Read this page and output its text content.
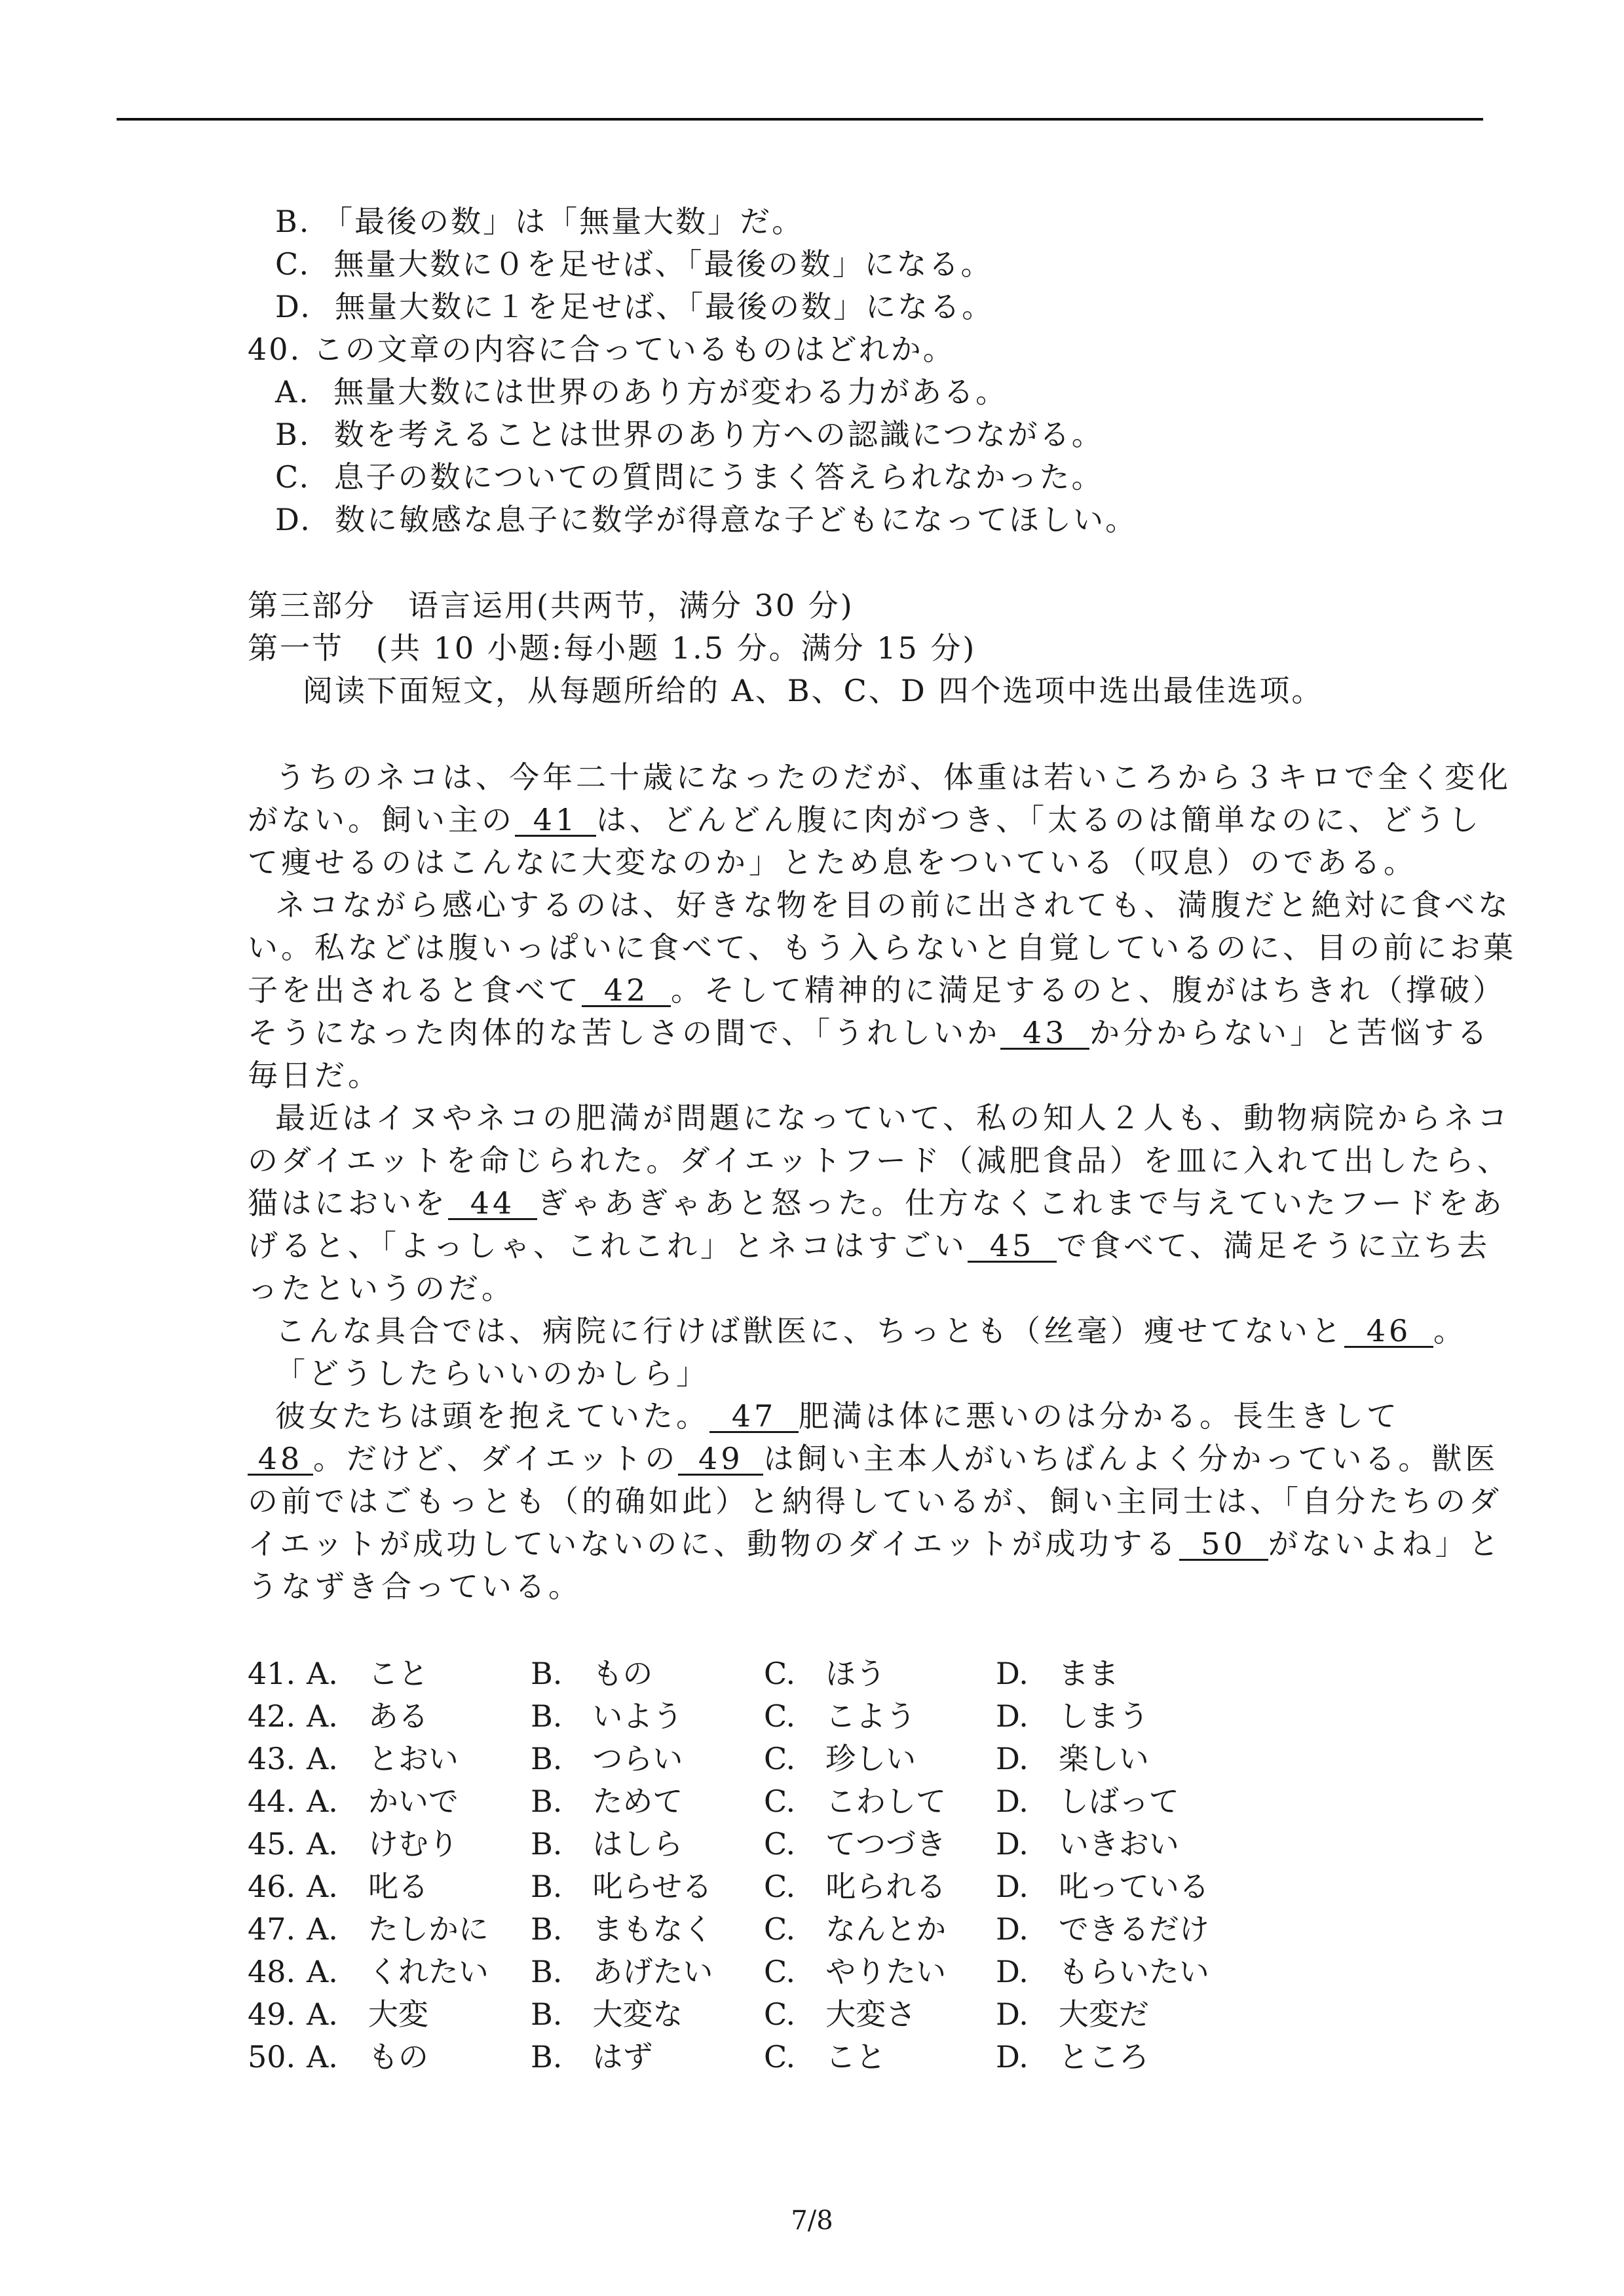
B. 「最後の数」は「無量大数」だ。
C. 無量大数に０を足せば、「最後の数」になる。
D. 無量大数に１を足せば、「最後の数」になる。
40. この文章の内容に合っているものはどれか。
A. 無量大数には世界のあり方が変わる力がある。
B. 数を考えることは世界のあり方への認識につながる。
C. 息子の数についての質問にうまく答えられなかった。
D. 数に敏感な息子に数学が得意な子どもになってほしい。
第三部分　语言运用(共两节，满分 30 分)
第一节　(共 10 小题:每小题 1.5 分。满分 15 分)
阅读下面短文，从每题所给的 A、B、C、D 四个选项中选出最佳选项。
うちのネコは、今年二十歳になったのだが、体重は若いころから３キロで全く変化
がない。飼い主の 41 は、どんどん腹に肉がつき、「太るのは簡単なのに、どうし
て痩せるのはこんなに大変なのか」とため息をついている（叹息）のである。
ネコながら感心するのは、好きな物を目の前に出されても、満腹だと絶対に食べな
い。私などは腹いっぱいに食べて、もう入らないと自覚しているのに、目の前にお菓
子を出されると食べて 42 。そして精神的に満足するのと、腹がはちきれ（撑破）
そうになった肉体的な苦しさの間で、「うれしいか 43 か分からない」と苦悩する
毎日だ。
最近はイヌやネコの肥満が問題になっていて、私の知人２人も、動物病院からネコ
のダイエットを命じられた。ダイエットフード（减肥食品）を皿に入れて出したら、
猫はにおいを 44 ぎゃあぎゃあと怒った。仕方なくこれまで与えていたフードをあ
げると、「よっしゃ、これこれ」とネコはすごい 45 で食べて、満足そうに立ち去
ったというのだ。
こんな具合では、病院に行けば獣医に、ちっとも（丝毫）痩せてないと 46 。
「どうしたらいいのかしら」
彼女たちは頭を抱えていた。 47 肥満は体に悪いのは分かる。長生きして
48 。だけど、ダイエットの 49 は飼い主本人がいちばんよく分かっている。獣医
の前ではごもっとも（的确如此）と納得しているが、飼い主同士は、「自分たちのダ
イエットが成功していないのに、動物のダイエットが成功する 50 がないよね」と
うなずき合っている。
41. A.　こと	B.　もの	C.　ほう	D.　まま
42. A.　ある	B.　いよう	C.　こよう	D.　しまう
43. A.　とおい B.　つらい	C.　珍しい	D.　楽しい
44. A.　かいで B.　ためて	C.　こわして D.　しばって
45. A.　けむり B.　はしら	C.　てつづき D.　いきおい
46. A.　叱る	B.　叱らせる C.　叱られる D.　叱っている
47. A.　たしかに B.　まもなく C.　なんとか D.　できるだけ
48. A.　くれたい B.　あげたい C.　やりたい D.　もらいたい
49. A.　大変	B.　大変な	C.　大変さ	D.　大変だ
50. A.　もの	B.　はず	C.　こと	D.　ところ
7/8
